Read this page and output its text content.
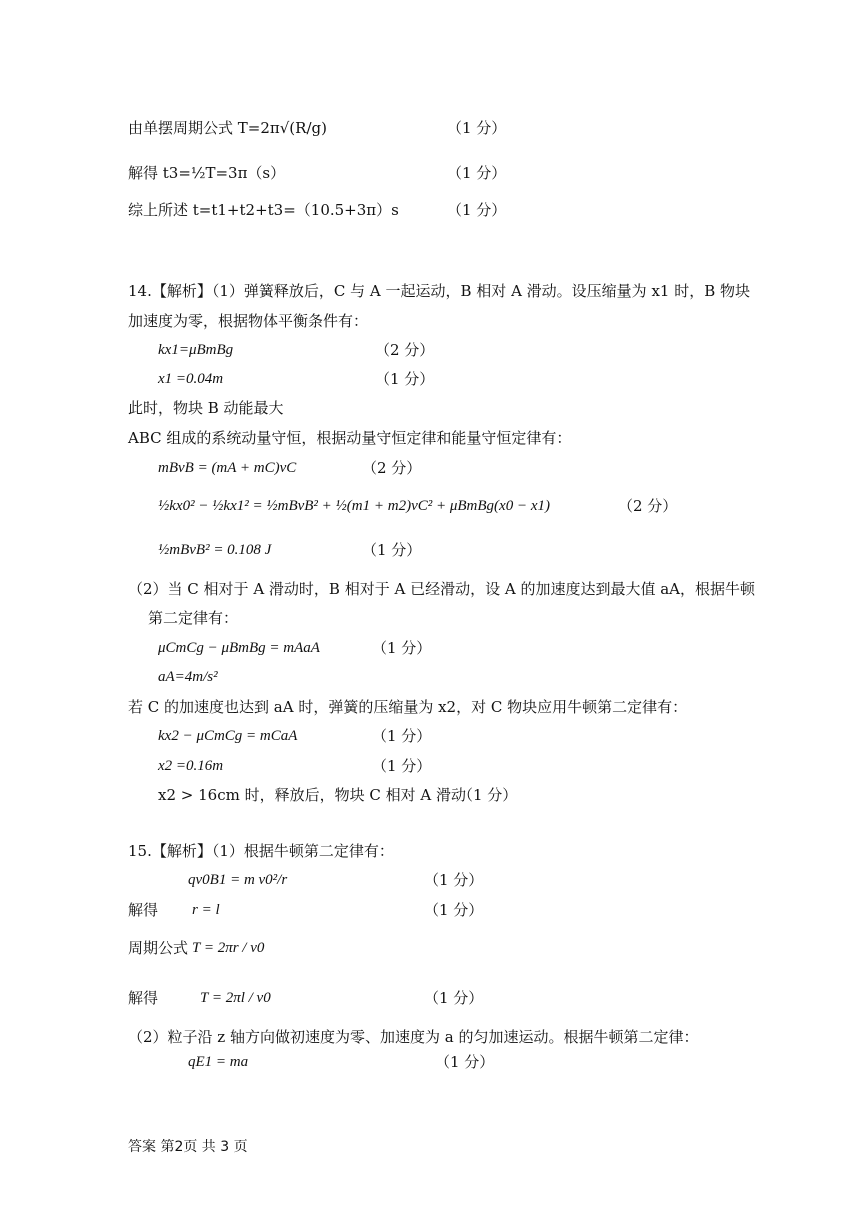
由单摆周期公式 T=2π√(R/g)	（1 分）
解得 t3=½T=3π（s）	（1 分）
综上所述 t=t1+t2+t3=（10.5+3π）s	（1 分）
14.【解析】（1）弹簧释放后，C 与 A 一起运动，B 相对 A 滑动。设压缩量为 x1 时，B 物块
加速度为零，根据物体平衡条件有：
kx1=μBmBg	（2 分）
x1 =0.04m	（1 分）
此时，物块 B 动能最大
ABC 组成的系统动量守恒，根据动量守恒定律和能量守恒定律有：
mBvB = (mA + mC)vC	（2 分）
½kx0² − ½kx1² = ½mBvB² + ½(m1 + m2)vC² + μBmBg(x0 − x1)	（2 分）
½mBvB² = 0.108 J	（1 分）
（2）当 C 相对于 A 滑动时，B 相对于 A 已经滑动，设 A 的加速度达到最大值 aA，根据牛顿
第二定律有：
μCmCg − μBmBg = mAaA	（1 分）
aA=4m/s²
若 C 的加速度也达到 aA 时，弹簧的压缩量为 x2，对 C 物块应用牛顿第二定律有：
kx2 − μCmCg = mCaA	（1 分）
x2 =0.16m	（1 分）
x2 > 16cm 时，释放后，物块 C 相对 A 滑动
（1 分）
15.【解析】（1）根据牛顿第二定律有：
qv0B1 = m v0²/r	（1 分）
解得 r = l	（1 分）
周期公式 T = 2πr / v0
解得	T = 2πl / v0	（1 分）
（2）粒子沿 z 轴方向做初速度为零、加速度为 a 的匀加速运动。根据牛顿第二定律：
qE1 = ma	（1 分）
答案 第2页 共 3 页
